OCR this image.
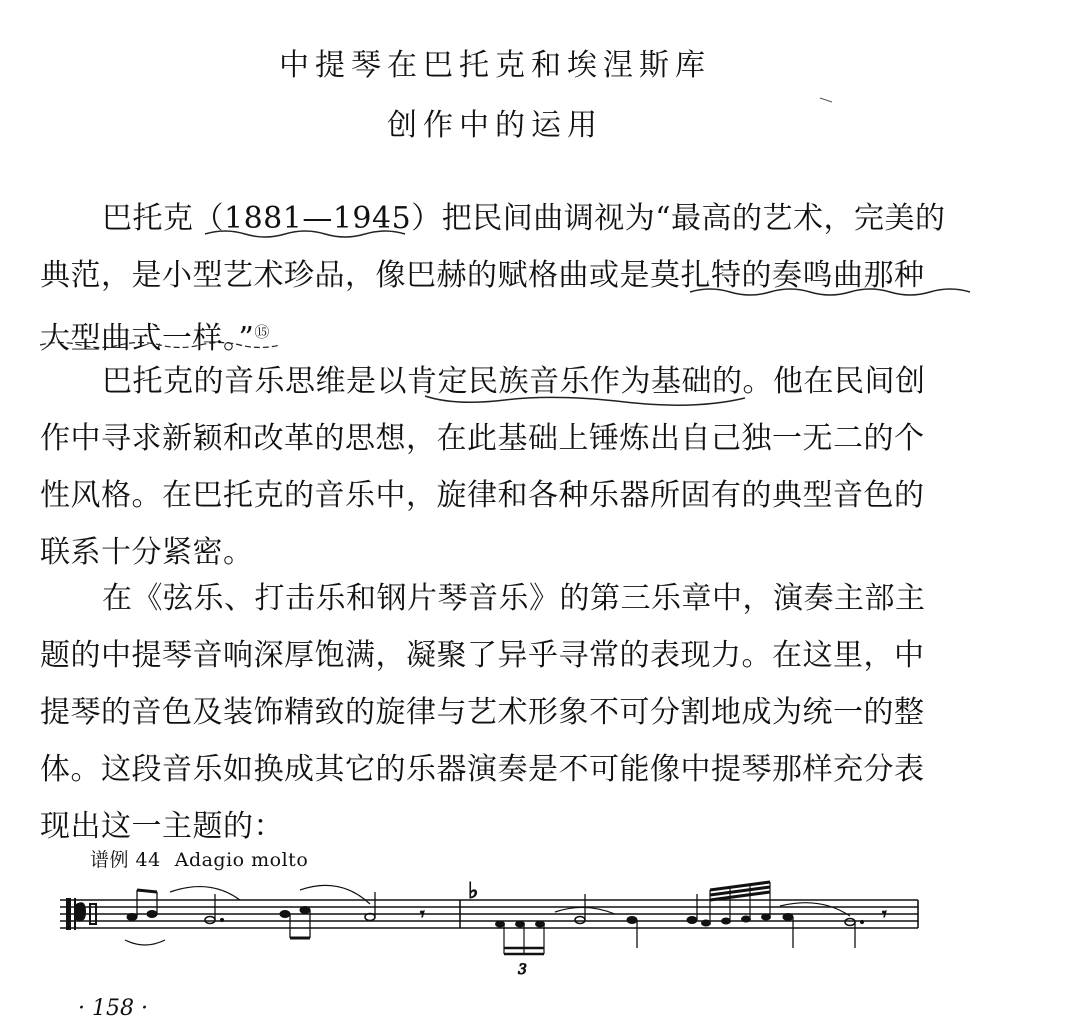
中提琴在巴托克和埃涅斯库
创作中的运用
巴托克（1881—1945）把民间曲调视为“最高的艺术，完美的典范，是小型艺术珍品，像巴赫的赋格曲或是莫扎特的奏鸣曲那种大型曲式一样。”⑮
巴托克的音乐思维是以肯定民族音乐作为基础的。他在民间创作中寻求新颖和改革的思想，在此基础上锤炼出自己独一无二的个性风格。在巴托克的音乐中，旋律和各种乐器所固有的典型音色的联系十分紧密。
在《弦乐、打击乐和钢片琴音乐》的第三乐章中，演奏主部主题的中提琴音响深厚饱满，凝聚了异乎寻常的表现力。在这里，中提琴的音色及装饰精致的旋律与艺术形象不可分割地成为统一的整体。这段音乐如换成其它的乐器演奏是不可能像中提琴那样充分表现出这一主题的：
谱例 44 Adagio molto
𝄾
♭
3
𝄾
· 158 ·
